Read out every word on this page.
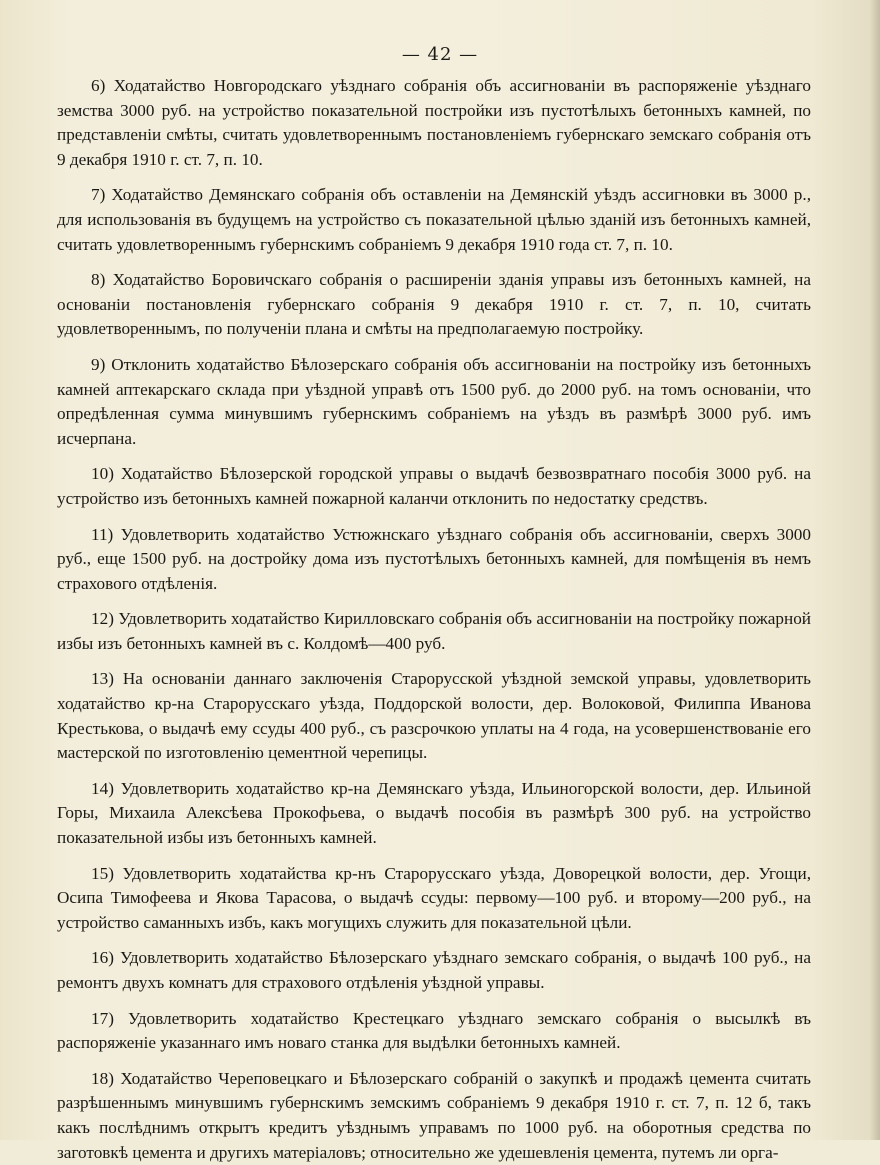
— 42 —

6) Ходатайство Новгородскаго уѣзднаго собранія объ ассигнованіи въ распоряженіе уѣзднаго земства 3000 руб. на устройство показательной постройки изъ пустотѣлыхъ бетонныхъ камней, по представленіи смѣты, считать удовлетвореннымъ постановленіемъ губернскаго земскаго собранія отъ 9 декабря 1910 г. ст. 7, п. 10.

7) Ходатайство Демянскаго собранія объ оставленіи на Демянскій уѣздъ ассигновки въ 3000 р., для использованія въ будущемъ на устройство съ показательной цѣлью зданій изъ бетонныхъ камней, считать удовлетвореннымъ губернскимъ собраніемъ 9 декабря 1910 года ст. 7, п. 10.

8) Ходатайство Боровичскаго собранія о расширеніи зданія управы изъ бетонныхъ камней, на основаніи постановленія губернскаго собранія 9 декабря 1910 г. ст. 7, п. 10, считать удовлетвореннымъ, по полученіи плана и смѣты на предполагаемую постройку.

9) Отклонить ходатайство Бѣлозерскаго собранія объ ассигнованіи на постройку изъ бетонныхъ камней аптекарскаго склада при уѣздной управѣ отъ 1500 руб. до 2000 руб. на томъ основаніи, что опредѣленная сумма минувшимъ губернскимъ собраніемъ на уѣздъ въ размѣрѣ 3000 руб. имъ исчерпана.

10) Ходатайство Бѣлозерской городской управы о выдачѣ безвозвратнаго пособія 3000 руб. на устройство изъ бетонныхъ камней пожарной каланчи отклонить по недостатку средствъ.

11) Удовлетворить ходатайство Устюжнскаго уѣзднаго собранія объ ассигнованіи, сверхъ 3000 руб., еще 1500 руб. на достройку дома изъ пустотѣлыхъ бетонныхъ камней, для помѣщенія въ немъ страхового отдѣленія.

12) Удовлетворить ходатайство Кирилловскаго собранія объ ассигнованіи на постройку пожарной избы изъ бетонныхъ камней въ с. Колдомѣ—400 руб.

13) На основаніи даннаго заключенія Старорусской уѣздной земской управы, удовлетворить ходатайство кр-на Старорусскаго уѣзда, Поддорской волости, дер. Волоковой, Филиппа Иванова Крестькова, о выдачѣ ему ссуды 400 руб., съ разсрочкою уплаты на 4 года, на усовершенствованіе его мастерской по изготовленію цементной черепицы.

14) Удовлетворить ходатайство кр-на Демянскаго уѣзда, Ильиногорской волости, дер. Ильиной Горы, Михаила Алексѣева Прокофьева, о выдачѣ пособія въ размѣрѣ 300 руб. на устройство показательной избы изъ бетонныхъ камней.

15) Удовлетворить ходатайства кр-нъ Старорусскаго уѣзда, Доворецкой волости, дер. Угощи, Осипа Тимофеева и Якова Тарасова, о выдачѣ ссуды: первому—100 руб. и второму—200 руб., на устройство саманныхъ избъ, какъ могущихъ служить для показательной цѣли.

16) Удовлетворить ходатайство Бѣлозерскаго уѣзднаго земскаго собранія, о выдачѣ 100 руб., на ремонтъ двухъ комнатъ для страхового отдѣленія уѣздной управы.

17) Удовлетворить ходатайство Крестецкаго уѣзднаго земскаго собранія о высылкѣ въ распоряженіе указаннаго имъ новаго станка для выдѣлки бетонныхъ камней.

18) Ходатайство Череповецкаго и Бѣлозерскаго собраній о закупкѣ и продажѣ цемента считать разрѣшеннымъ минувшимъ губернскимъ земскимъ собраніемъ 9 декабря 1910 г. ст. 7, п. 12 б, такъ какъ послѣднимъ открытъ кредитъ уѣзднымъ управамъ по 1000 руб. на оборотныя средства по заготовкѣ цемента и другихъ матеріаловъ; относительно же удешевленія цемента, путемъ ли орга-
